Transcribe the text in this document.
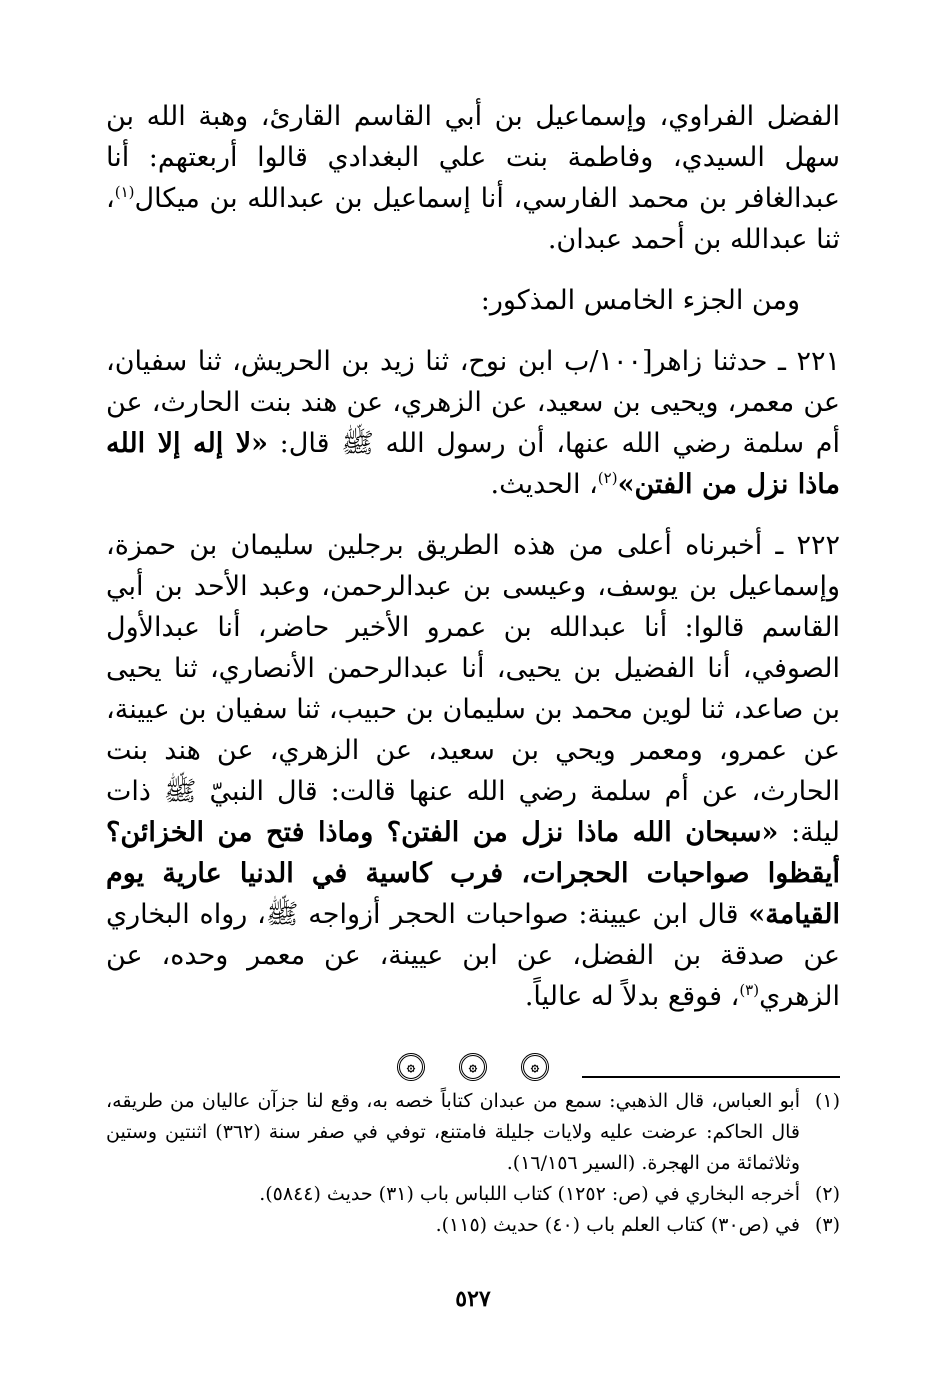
الفضل الفراوي، وإسماعيل بن أبي القاسم القارئ، وهبة الله بن سهل السيدي، وفاطمة بنت علي البغدادي قالوا أربعتهم: أنا عبدالغافر بن محمد الفارسي، أنا إسماعيل بن عبدالله بن ميكال$^{(١)}$، ثنا عبدالله بن أحمد عبدان.

ومن الجزء الخامس المذكور:

٢٢١ ـ حدثنا زاهر[١٠٠/ب ابن نوح، ثنا زيد بن الحريش، ثنا سفيان، عن معمر، ويحيى بن سعيد، عن الزهري، عن هند بنت الحارث، عن أم سلمة رضي الله عنها، أن رسول الله ﷺ قال: «لا إله إلا الله ماذا نزل من الفتن»$^{(٢)}$، الحديث.

٢٢٢ ـ أخبرناه أعلى من هذه الطريق برجلين سليمان بن حمزة، وإسماعيل بن يوسف، وعيسى بن عبدالرحمن، وعبد الأحد بن أبي القاسم قالوا: أنا عبدالله بن عمرو الأخير حاضر، أنا عبدالأول الصوفي، أنا الفضيل بن يحيى، أنا عبدالرحمن الأنصاري، ثنا يحيى بن صاعد، ثنا لوين محمد بن سليمان بن حبيب، ثنا سفيان بن عيينة، عن عمرو، ومعمر ويحي بن سعيد، عن الزهري، عن هند بنت الحارث، عن أم سلمة رضي الله عنها قالت: قال النبيّ ﷺ ذات ليلة: «سبحان الله ماذا نزل من الفتن؟ وماذا فتح من الخزائن؟ أيقظوا صواحبات الحجرات، فرب كاسية في الدنيا عارية يوم القيامة» قال ابن عيينة: صواحبات الحجر أزواجه ﷺ، رواه البخاري عن صدقة بن الفضل، عن ابن عيينة، عن معمر وحده، عن الزهري$^{(٣)}$، فوقع بدلاً له عالياً.

۞	۞	۞
(١)
أبو العباس، قال الذهبي: سمع من عبدان كتاباً خصه به، وقع لنا جزآن عاليان من طريقه، قال الحاكم: عرضت عليه ولايات جليلة فامتنع، توفي في صفر سنة (٣٦٢) اثنتين وستين وثلاثمائة من الهجرة. (السير ١٦/١٥٦).
(٢)
أخرجه البخاري في (ص: ١٢٥٢) كتاب اللباس باب (٣١) حديث (٥٨٤٤).
(٣)
في (ص٣٠) كتاب العلم باب (٤٠) حديث (١١٥).
٥٢٧
